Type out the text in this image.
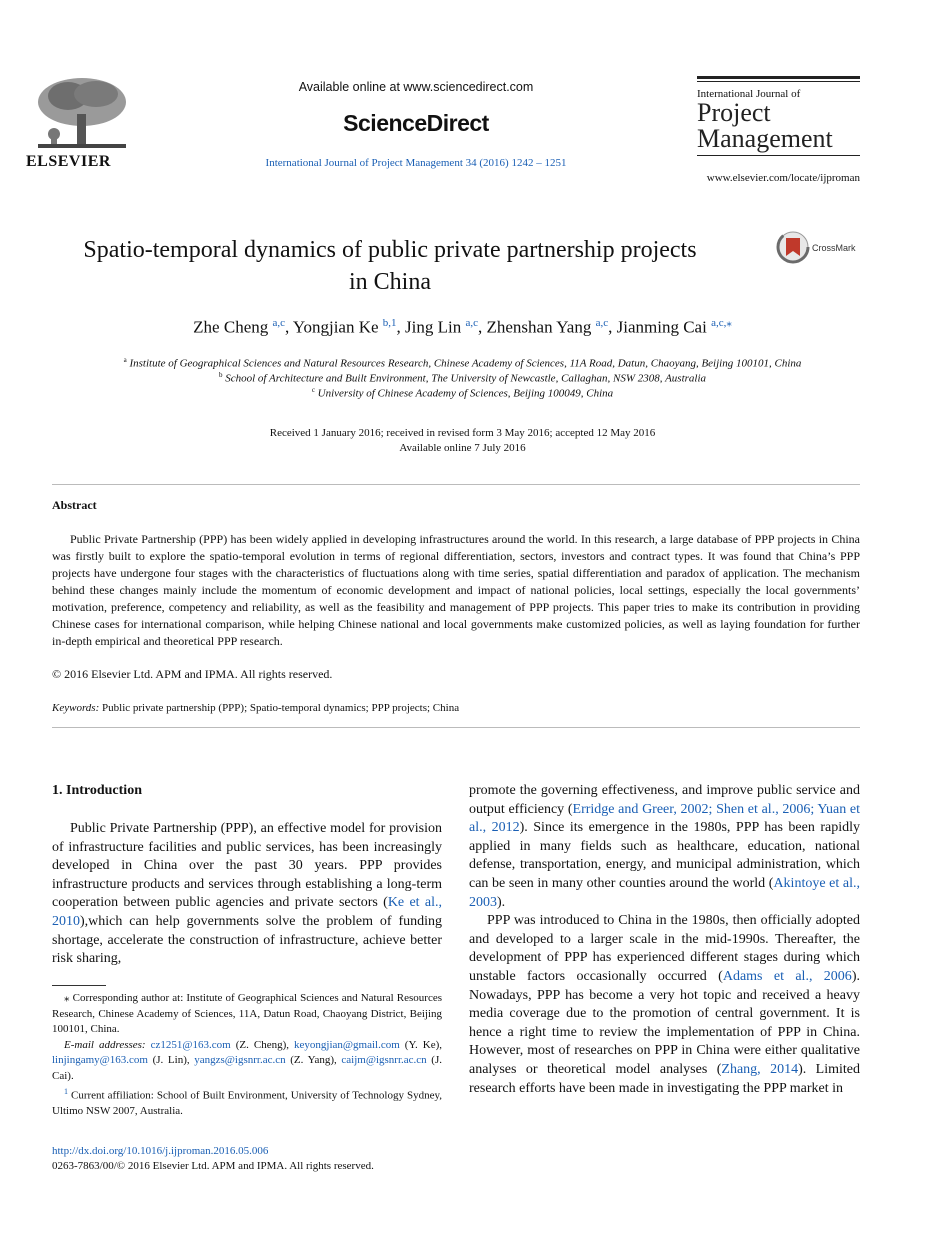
ELSEVIER
Available online at www.sciencedirect.com
ScienceDirect
International Journal of Project Management 34 (2016) 1242 – 1251
International Journal of
Project
Management
www.elsevier.com/locate/ijproman
Spatio-temporal dynamics of public private partnership projects
in China
CrossMark
Zhe Cheng $^{a,c}$, Yongjian Ke $^{b,1}$, Jing Lin $^{a,c}$, Zhenshan Yang $^{a,c}$, Jianming Cai $^{a,c,⁎}$
$^a$ Institute of Geographical Sciences and Natural Resources Research, Chinese Academy of Sciences, 11A Road, Datun, Chaoyang, Beijing 100101, China
$^b$ School of Architecture and Built Environment, The University of Newcastle, Callaghan, NSW 2308, Australia
$^c$ University of Chinese Academy of Sciences, Beijing 100049, China
Received 1 January 2016; received in revised form 3 May 2016; accepted 12 May 2016
Available online 7 July 2016
Abstract
Public Private Partnership (PPP) has been widely applied in developing infrastructures around the world. In this research, a large database of PPP projects in China was firstly built to explore the spatio-temporal evolution in terms of regional differentiation, sectors, investors and contract types. It was found that China’s PPP projects have undergone four stages with the characteristics of fluctuations along with time series, spatial differentiation and paradox of application. The mechanism behind these changes mainly include the momentum of economic development and impact of national policies, local settings, especially the local governments’ motivation, preference, competency and reliability, as well as the feasibility and management of PPP projects. This paper tries to make its contribution in providing Chinese cases for international comparison, while helping Chinese national and local governments make customized policies, as well as laying foundation for further in-depth empirical and theoretical PPP research.
© 2016 Elsevier Ltd. APM and IPMA. All rights reserved.
Keywords: Public private partnership (PPP); Spatio-temporal dynamics; PPP projects; China
1. Introduction
Public Private Partnership (PPP), an effective model for provision of infrastructure facilities and public services, has been increasingly developed in China over the past 30 years. PPP provides infrastructure products and services through establishing a long-term cooperation between public agencies and private sectors (Ke et al., 2010),which can help governments solve the problem of funding shortage, accelerate the construction of infrastructure, achieve better risk sharing,

promote the governing effectiveness, and improve public service and output efficiency (Erridge and Greer, 2002; Shen et al., 2006; Yuan et al., 2012). Since its emergence in the 1980s, PPP has been rapidly applied in many fields such as healthcare, education, national defense, transportation, energy, and municipal administration, which can be seen in many other counties around the world (Akintoye et al., 2003).

PPP was introduced to China in the 1980s, then officially adopted and developed to a larger scale in the mid-1990s. Thereafter, the development of PPP has experienced different stages during which unstable factors occasionally occurred (Adams et al., 2006). Nowadays, PPP has become a very hot topic and received a heavy media coverage due to the promotion of central government. It is hence a right time to review the implementation of PPP in China. However, most of researches on PPP in China were either qualitative analyses or theoretical model analyses (Zhang, 2014). Limited research efforts have been made in investigating the PPP market in

⁎ Corresponding author at: Institute of Geographical Sciences and Natural Resources Research, Chinese Academy of Sciences, 11A, Datun Road, Chaoyang District, Beijing 100101, China.
E-mail addresses: cz1251@163.com (Z. Cheng), keyongjian@gmail.com (Y. Ke), linjingamy@163.com (J. Lin), yangzs@igsnrr.ac.cn (Z. Yang), caijm@igsnrr.ac.cn (J. Cai).
$^1$ Current affiliation: School of Built Environment, University of Technology Sydney, Ultimo NSW 2007, Australia.
http://dx.doi.org/10.1016/j.ijproman.2016.05.006
0263-7863/00/© 2016 Elsevier Ltd. APM and IPMA. All rights reserved.
